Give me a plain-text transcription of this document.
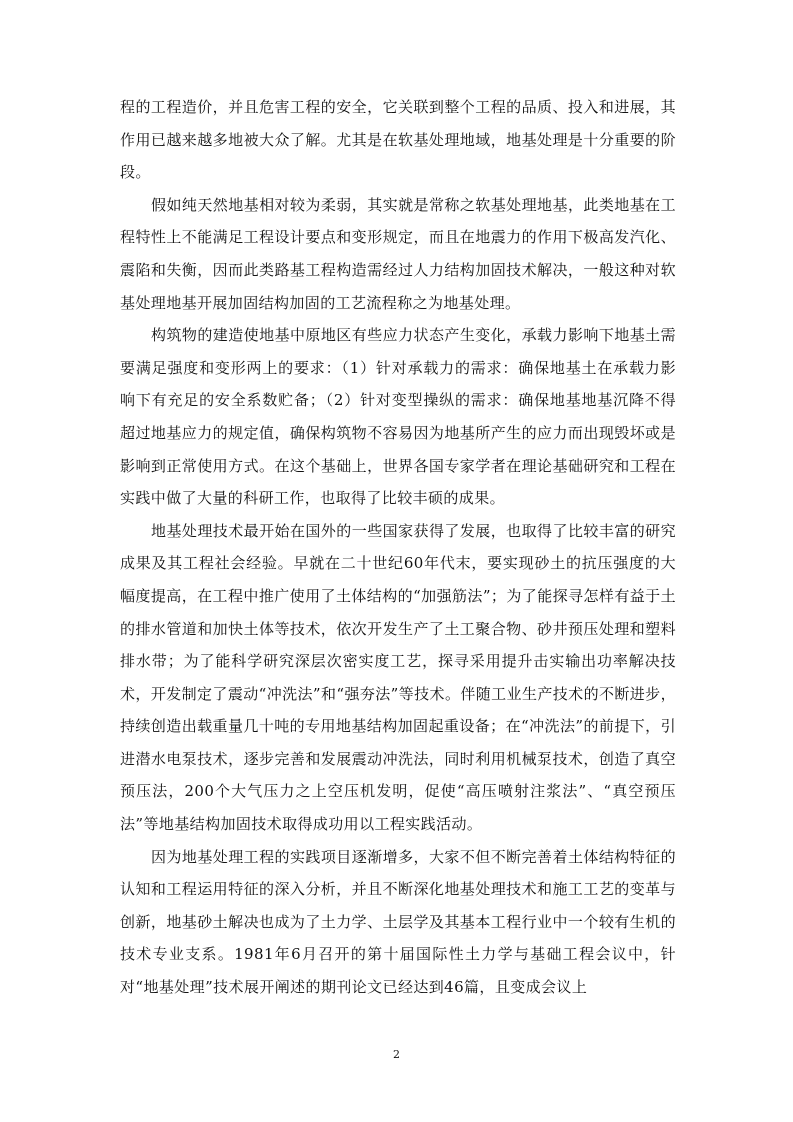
程的工程造价，并且危害工程的安全，它关联到整个工程的品质、投入和进展，其作用已越来越多地被大众了解。尤其是在软基处理地域，地基处理是十分重要的阶段。

假如纯天然地基相对较为柔弱，其实就是常称之软基处理地基，此类地基在工程特性上不能满足工程设计要点和变形规定，而且在地震力的作用下极高发汽化、震陷和失衡，因而此类路基工程构造需经过人力结构加固技术解决，一般这种对软基处理地基开展加固结构加固的工艺流程称之为地基处理。

构筑物的建造使地基中原地区有些应力状态产生变化，承载力影响下地基土需要满足强度和变形两上的要求：（1）针对承载力的需求：确保地基土在承载力影响下有充足的安全系数贮备；（2）针对变型操纵的需求：确保地基地基沉降不得超过地基应力的规定值，确保构筑物不容易因为地基所产生的应力而出现毁坏或是影响到正常使用方式。在这个基础上，世界各国专家学者在理论基础研究和工程在实践中做了大量的科研工作，也取得了比较丰硕的成果。

地基处理技术最开始在国外的一些国家获得了发展，也取得了比较丰富的研究成果及其工程社会经验。早就在二十世纪60年代末，要实现砂土的抗压强度的大幅度提高，在工程中推广使用了土体结构的“加强筋法”；为了能探寻怎样有益于土的排水管道和加快土体等技术，依次开发生产了土工聚合物、砂井预压处理和塑料排水带；为了能科学研究深层次密实度工艺，探寻采用提升击实输出功率解决技术，开发制定了震动“冲洗法”和“强夯法”等技术。伴随工业生产技术的不断进步，持续创造出载重量几十吨的专用地基结构加固起重设备；在“冲洗法”的前提下，引进潜水电泵技术，逐步完善和发展震动冲洗法，同时利用机械泵技术，创造了真空预压法，200个大气压力之上空压机发明，促使“高压喷射注浆法”、“真空预压法”等地基结构加固技术取得成功用以工程实践活动。

因为地基处理工程的实践项目逐渐增多，大家不但不断完善着土体结构特征的认知和工程运用特征的深入分析，并且不断深化地基处理技术和施工工艺的变革与创新，地基砂土解决也成为了土力学、土层学及其基本工程行业中一个较有生机的技术专业支系。1981年6月召开的第十届国际性土力学与基础工程会议中，针对“地基处理”技术展开阐述的期刊论文已经达到46篇，且变成会议上

2
